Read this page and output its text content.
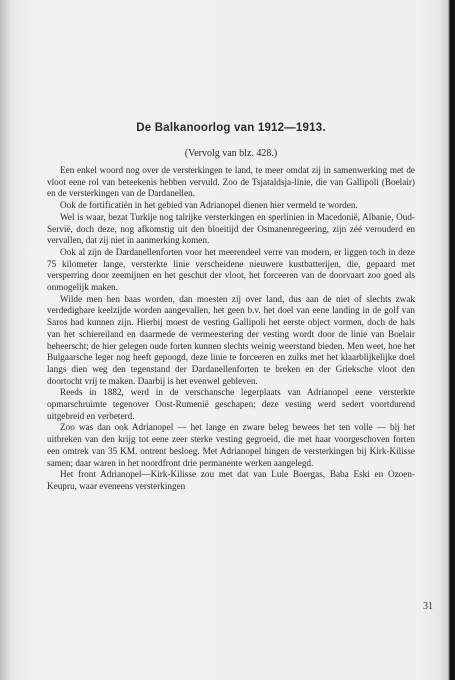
De Balkanoorlog van 1912—1913.

(Vervolg van blz. 428.)

Een enkel woord nog over de versterkingen te land, te meer omdat zij in samenwerking met de vloot eene rol van beteekenis hebben vervuld. Zoo de Tsjataldsja-linie, die van Gallipoli (Boelair) en de versterkingen van de Dardanellen.

Ook de fortificatiën in het gebied van Adrianopel dienen hier vermeld te worden.

Wel is waar, bezat Turkije nog talrijke versterkingen en sperlinien in Macedonië, Albanie, Oud-Servië, doch deze, nog afkomstig uit den bloeitijd der Osmanenregeering, zijn zéé verouderd en vervallen, dat zij niet in aanmerking komen.

Ook al zijn de Dardanellenforten voor het meerendeel verre van modern, er liggen toch in deze 75 kilometer lange, versterkte linie verscheidene nieuwere kustbatterijen, die, gepaard met versperring door zeemijnen en het geschut der vloot, het forceeren van de doorvaart zoo goed als onmogelijk maken.

Wilde men hen baas worden, dan moesten zij over land, dus aan de niet of slechts zwak verdedigbare keelzijde worden aangevallen, het geen b.v. het doel van eene landing in de golf van Saros had kunnen zijn. Hierbij moest de vesting Gallipoli het eerste object vormen, doch de hals van het schiereiland en daarmede de vermeestering der vesting wordt door de linie van Boelair beheerscht; de hier gelegen oude forten kunnen slechts weinig weerstand bieden. Men weet, hoe het Bulgaarsche leger nog heeft gepoogd, deze linie te forceeren en zulks met het klaarblijkelijke doel langs dien weg den tegenstand der Dardanellenforten te breken en der Grieksche vloot den doortocht vrij te maken. Daarbij is het evenwel gebleven.

Reeds in 1882, werd in de verschansche legerplaats van Adrianopel eene versterkte opmarschruimte tegenover Oost-Rumenië geschapen; deze vesting werd sedert voortdurend uitgebreid en verbeterd.

Zoo was dan ook Adrianopel — het lange en zware beleg bewees het ten volle — bij het uitbreken van den krijg tot eene zeer sterke vesting gegroeid, die met haar voorgeschoven forten een omtrek van 35 KM. ontrent besloeg. Met Adrianopel hingen de versterkingen bij Kirk-Kilisse samen; daar waren in het noordfront drie permanente werken aangelegd.

Het front Adrianopel—Kirk-Kilisse zou met dat van Lule Boergas, Baba Eski en Ozoen-Keupru, waar eveneens versterkingen

31
